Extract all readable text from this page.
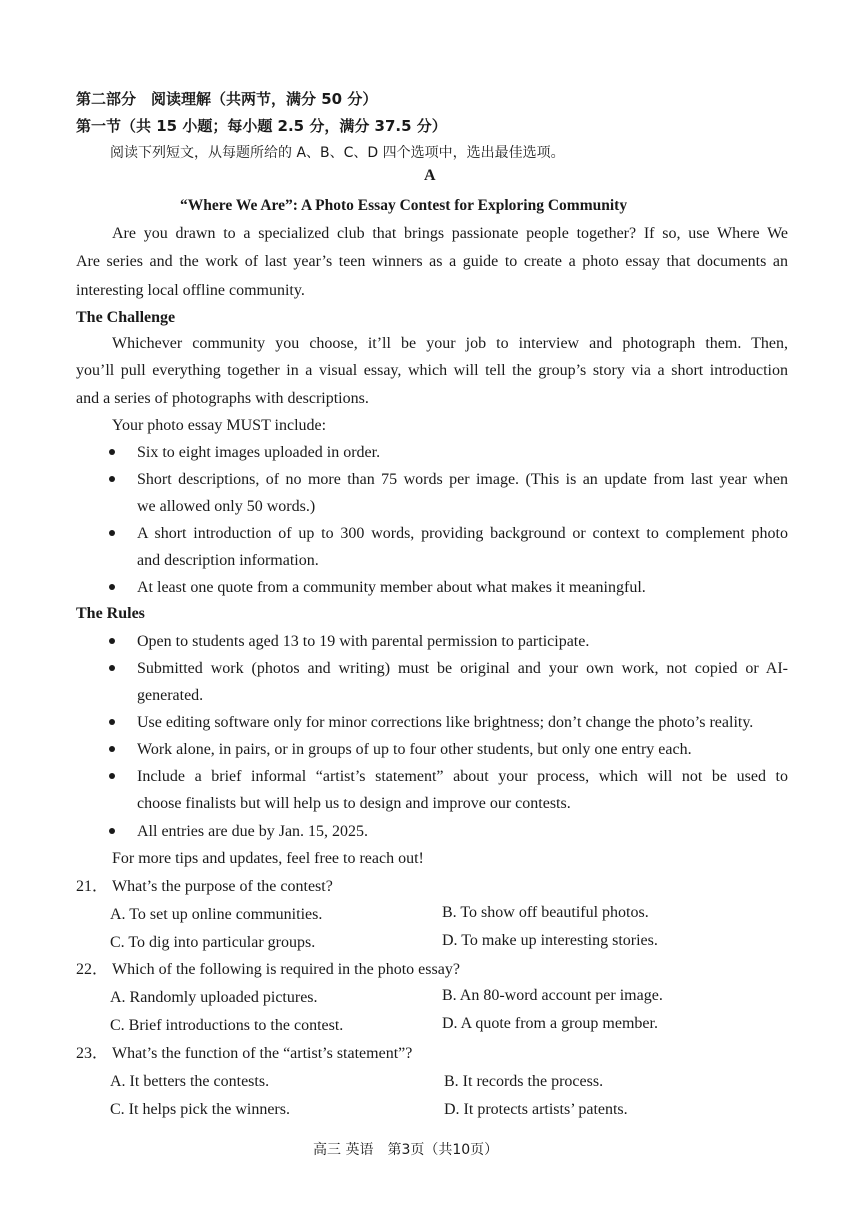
第二部分　阅读理解（共两节，满分 50 分）
第一节（共 15 小题；每小题 2.5 分，满分 37.5 分）
阅读下列短文，从每题所给的 A、B、C、D 四个选项中，选出最佳选项。
A
“Where We Are”: A Photo Essay Contest for Exploring Community
Are you drawn to a specialized club that brings passionate people together? If so, use Where We
Are series and the work of last year’s teen winners as a guide to create a photo essay that documents an
interesting local offline community.
The Challenge
Whichever community you choose, it’ll be your job to interview and photograph them. Then,
you’ll pull everything together in a visual essay, which will tell the group’s story via a short introduction
and a series of photographs with descriptions.
Your photo essay MUST include:
Six to eight images uploaded in order.
Short descriptions, of no more than 75 words per image. (This is an update from last year when
we allowed only 50 words.)
A short introduction of up to 300 words, providing background or context to complement photo
and description information.
At least one quote from a community member about what makes it meaningful.
The Rules
Open to students aged 13 to 19 with parental permission to participate.
Submitted work (photos and writing) must be original and your own work, not copied or AI-
generated.
Use editing software only for minor corrections like brightness; don’t change the photo’s reality.
Work alone, in pairs, or in groups of up to four other students, but only one entry each.
Include a brief informal “artist’s statement” about your process, which will not be used to
choose finalists but will help us to design and improve our contests.
All entries are due by Jan. 15, 2025.
For more tips and updates, feel free to reach out!
21． What’s the purpose of the contest?
A. To set up online communities.	B. To show off beautiful photos.
C. To dig into particular groups.	D. To make up interesting stories.
22． Which of the following is required in the photo essay?
A. Randomly uploaded pictures.	B. An 80-word account per image.
C. Brief introductions to the contest.	D. A quote from a group member.
23． What’s the function of the “artist’s statement”?
A. It betters the contests.	B. It records the process.
C. It helps pick the winners.	D. It protects artists’ patents.
高三 英语　第3页（共10页）
